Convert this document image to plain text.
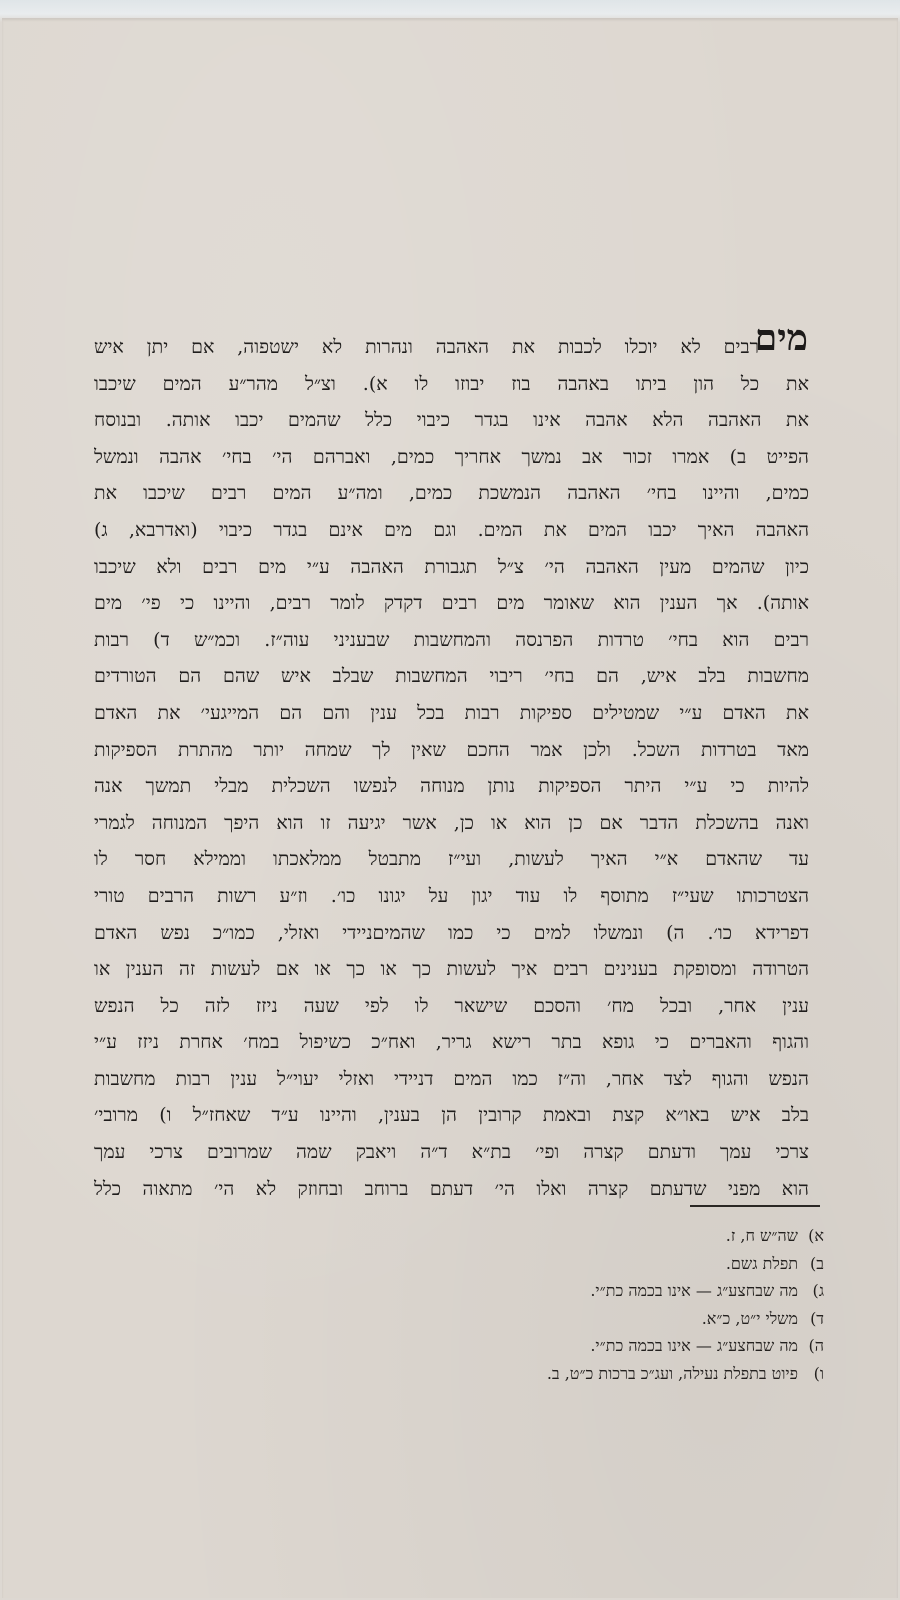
מים
רבים לא יוכלו לכבות את האהבה ונהרות לא ישטפוה, אם יתן איש
את כל הון ביתו באהבה בוז יבוזו לו א). וצ״ל מהר״ע המים שיכבו
את האהבה הלא אהבה אינו בגדר כיבוי כלל שהמים יכבו אותה. ובנוסח
הפייט ב) אמרו זכור אב נמשך אחריך כמים, ואברהם הי׳ בחי׳ אהבה ונמשל
כמים, והיינו בחי׳ האהבה הנמשכת כמים, ומה״ע המים רבים שיכבו את
האהבה האיך יכבו המים את המים. וגם מים אינם בגדר כיבוי (ואדרבא, ג)
כיון שהמים מעין האהבה הי׳ צ״ל תגבורת האהבה ע״י מים רבים ולא שיכבו
אותה). אך הענין הוא שאומר מים רבים דקדק לומר רבים, והיינו כי פי׳ מים
רבים הוא בחי׳ טרדות הפרנסה והמחשבות שבעניני עוה״ז. וכמ״ש ד) רבות
מחשבות בלב איש, הם בחי׳ ריבוי המחשבות שבלב איש שהם הם הטורדים
את האדם ע״י שמטילים ספיקות רבות בכל ענין והם הם המייגעי׳ את האדם
מאד בטרדות השכל. ולכן אמר החכם שאין לך שמחה יותר מהתרת הספיקות
להיות כי ע״י היתר הספיקות נותן מנוחה לנפשו השכלית מבלי תמשך אנה
ואנה בהשכלת הדבר אם כן הוא או כן, אשר יגיעה זו הוא היפך המנוחה לגמרי
עד שהאדם א״י האיך לעשות, ועי״ז מתבטל ממלאכתו וממילא חסר לו
הצטרכותו שעי״ז מתוסף לו עוד יגון על יגונו כו׳. וז״ע רשות הרבים טורי
דפרידא כו׳. ה) ונמשלו למים כי כמו שהמיםניידי ואזלי, כמו״כ נפש האדם
הטרודה ומסופקת בענינים רבים איך לעשות כך או כך או אם לעשות זה הענין או
ענין אחר, ובכל מח׳ והסכם שישאר לו לפי שעה ניזז לזה כל הנפש
והגוף והאברים כי גופא בתר רישא גריר, ואח״כ כשיפול במח׳ אחרת ניזז ע״י
הנפש והגוף לצד אחר, וה״ז כמו המים דניידי ואזלי יעוי״ל ענין רבות מחשבות
בלב איש באו״א קצת ובאמת קרובין הן בענין, והיינו ע״ד שאחז״ל ו) מרובי׳
צרכי עמך ודעתם קצרה ופי׳ בת״א ד״ה ויאבק שמה שמרובים צרכי עמך
הוא מפני שדעתם קצרה ואלו הי׳ דעתם ברוחב ובחוזק לא הי׳ מתאוה כלל
א)שה״ש ח, ז.
ב)תפלת גשם.
ג)מה שבחצע״ג — אינו בכמה כת״י.
ד)משלי י״ט, כ״א.
ה)מה שבחצע״ג — אינו בכמה כת״י.
ו)פיוט בתפלת נעילה, ועג״כ ברכות כ״ט, ב.
